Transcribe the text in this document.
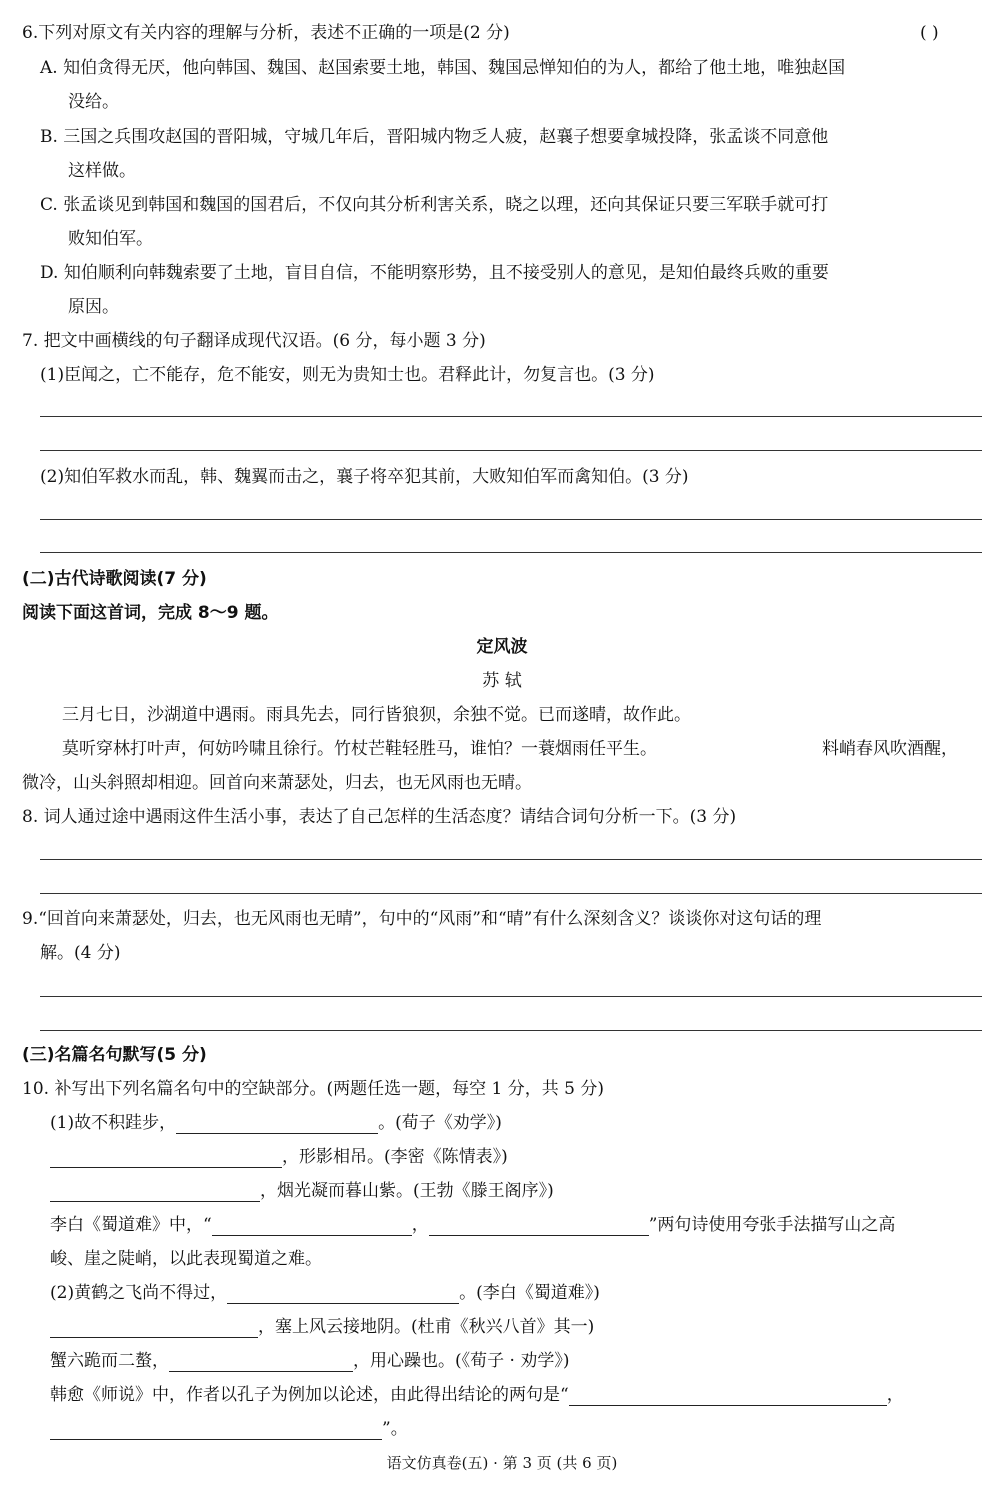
6.下列对原文有关内容的理解与分析，表述不正确的一项是(2 分)	( )
A. 知伯贪得无厌，他向韩国、魏国、赵国索要土地，韩国、魏国忌惮知伯的为人，都给了他土地，唯独赵国
没给。
B. 三国之兵围攻赵国的晋阳城，守城几年后，晋阳城内物乏人疲，赵襄子想要拿城投降，张孟谈不同意他
这样做。
C. 张孟谈见到韩国和魏国的国君后，不仅向其分析利害关系，晓之以理，还向其保证只要三军联手就可打
败知伯军。
D. 知伯顺利向韩魏索要了土地，盲目自信，不能明察形势，且不接受别人的意见，是知伯最终兵败的重要
原因。
7. 把文中画横线的句子翻译成现代汉语。(6 分，每小题 3 分)
(1)臣闻之，亡不能存，危不能安，则无为贵知士也。君释此计，勿复言也。(3 分)
(2)知伯军救水而乱，韩、魏翼而击之，襄子将卒犯其前，大败知伯军而禽知伯。(3 分)
(二)古代诗歌阅读(7 分)
阅读下面这首词，完成 8～9 题。
定风波
苏 轼
三月七日，沙湖道中遇雨。雨具先去，同行皆狼狈，余独不觉。已而遂晴，故作此。
莫听穿林打叶声，何妨吟啸且徐行。竹杖芒鞋轻胜马，谁怕？一蓑烟雨任平生。	料峭春风吹酒醒，
微冷，山头斜照却相迎。回首向来萧瑟处，归去，也无风雨也无晴。
8. 词人通过途中遇雨这件生活小事，表达了自己怎样的生活态度？请结合词句分析一下。(3 分)
9.“回首向来萧瑟处，归去，也无风雨也无晴”，句中的“风雨”和“晴”有什么深刻含义？谈谈你对这句话的理
解。(4 分)
(三)名篇名句默写(5 分)
10. 补写出下列名篇名句中的空缺部分。(两题任选一题，每空 1 分，共 5 分)
(1)故不积跬步，	。(荀子《劝学》)
，形影相吊。(李密《陈情表》)
，烟光凝而暮山紫。(王勃《滕王阁序》)
李白《蜀道难》中，“	，	”两句诗使用夸张手法描写山之高
峻、崖之陡峭，以此表现蜀道之难。
(2)黄鹤之飞尚不得过，	。(李白《蜀道难》)
，塞上风云接地阴。(杜甫《秋兴八首》其一)
蟹六跪而二螯，	，用心躁也。(《荀子 · 劝学》)
韩愈《师说》中，作者以孔子为例加以论述，由此得出结论的两句是“	，
”。
语文仿真卷(五) · 第 3 页 (共 6 页)
